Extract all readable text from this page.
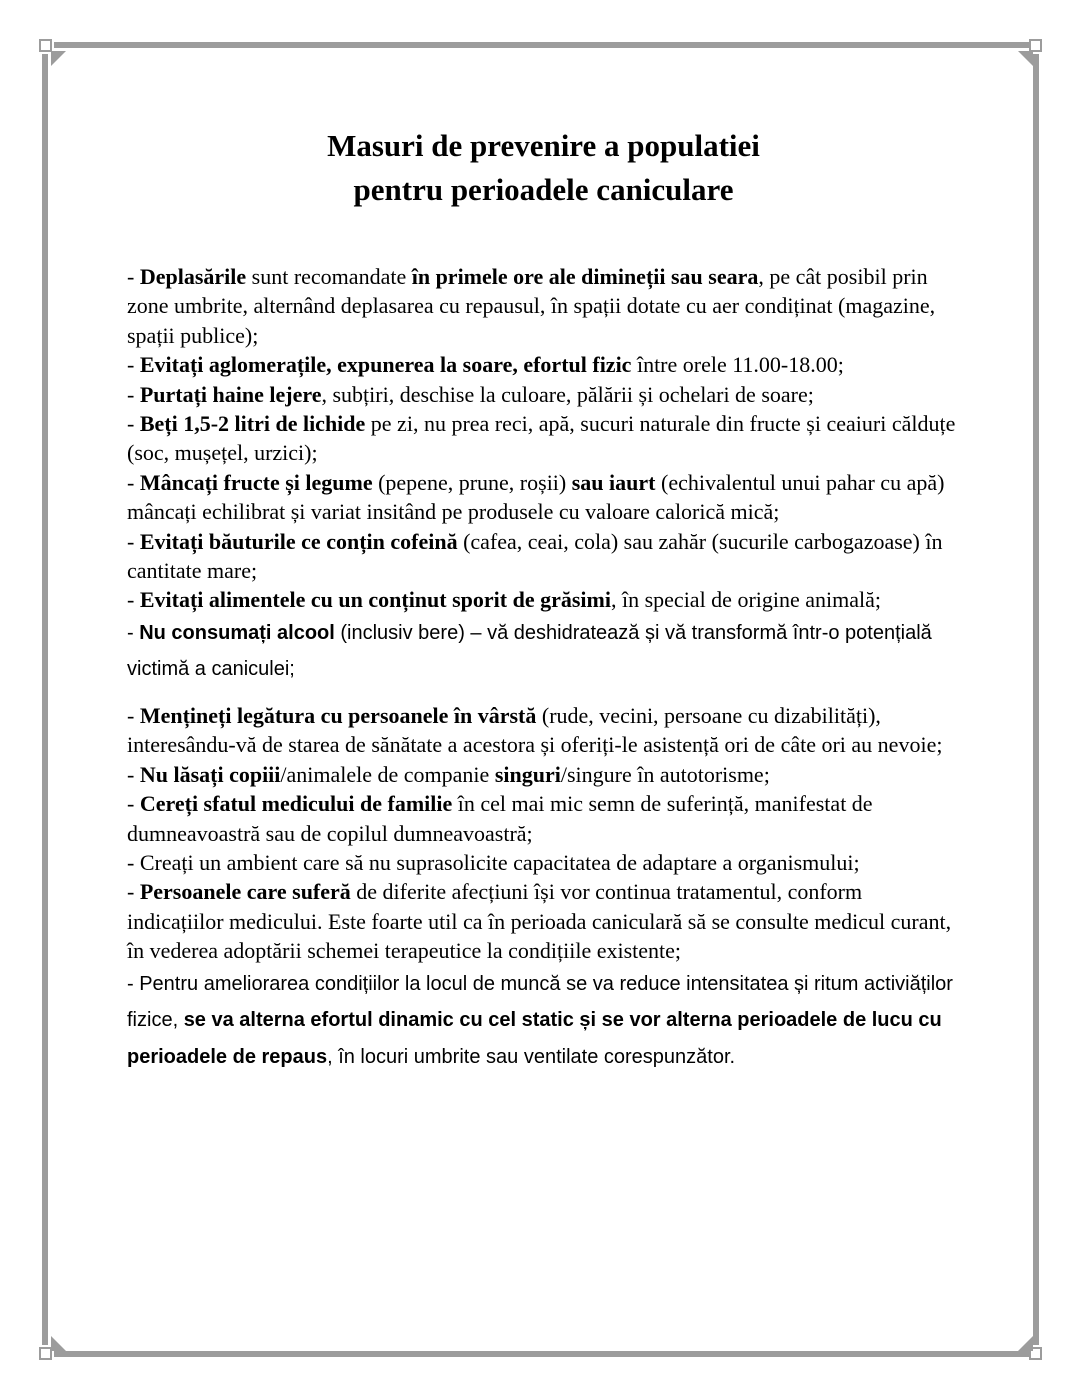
Masuri de prevenire a populatiei
pentru perioadele caniculare

- Deplasările sunt recomandate în primele ore ale dimineții sau seara, pe cât posibil prin zone umbrite, alternând deplasarea cu repausul, în spații dotate cu aer condiținat (magazine, spații publice);

- Evitați aglomerațile, expunerea la soare, efortul fizic între orele 11.00-18.00;

- Purtați haine lejere, subțiri, deschise la culoare, pălării și ochelari de soare;

- Beți 1,5-2 litri de lichide pe zi, nu prea reci, apă, sucuri naturale din fructe și ceaiuri călduțe (soc, mușețel, urzici);

- Mâncați fructe și legume (pepene, prune, roșii) sau iaurt (echivalentul unui pahar cu apă) mâncați echilibrat și variat insitând pe produsele cu valoare calorică mică;

- Evitați băuturile ce conțin cofeină (cafea, ceai, cola) sau zahăr (sucurile carbogazoase) în cantitate mare;

- Evitați alimentele cu un conținut sporit de grăsimi, în special de origine animală;

- Nu consumați alcool (inclusiv bere) – vă deshidratează și vă transformă într-o potențială victimă a caniculei;

- Mențineți legătura cu persoanele în vârstă (rude, vecini, persoane cu dizabilități), interesându-vă de starea de sănătate a acestora și oferiți-le asistență ori de câte ori au nevoie;

- Nu lăsați copiii/animalele de companie singuri/singure în autotorisme;

- Cereți sfatul medicului de familie în cel mai mic semn de suferință, manifestat de dumneavoastră sau de copilul dumneavoastră;

- Creați un ambient care să nu suprasolicite capacitatea de adaptare a organismului;

- Persoanele care suferă de diferite afecțiuni își vor continua tratamentul, conform indicațiilor medicului. Este foarte util ca în perioada caniculară să se consulte medicul curant, în vederea adoptării schemei terapeutice la condițiile existente;

- Pentru ameliorarea condițiilor la locul de muncă se va reduce intensitatea și ritum activiăților fizice, se va alterna efortul dinamic cu cel static și se vor alterna perioadele de lucu cu perioadele de repaus, în locuri umbrite sau ventilate corespunzător.
